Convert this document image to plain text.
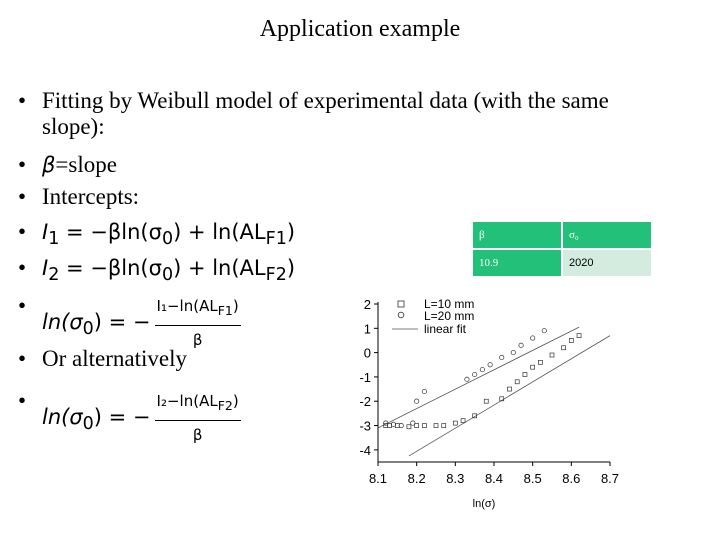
Application example
• Fitting by Weibull model of experimental data (with the same slope):
• β=slope
• Intercepts:
• $I_1 = -\beta\ln(\sigma_0) + \ln(AL_{F1})$
• $I_2 = -\beta\ln(\sigma_0) + \ln(AL_{F2})$
•
$\ln(\sigma_0)$ = − $\frac{I_1-\ln(AL_{F1})}{\beta}$
• Or alternatively
•
$\ln(\sigma_0)$ = − $\frac{I_2-\ln(AL_{F2})}{\beta}$
β	σ₀
10.9	2020
2
1
0
-1
-2
-3
-4
8.1 8.2 8.3 8.4 8.5 8.6 8.7
ln(σ)
L=10 mm
L=20 mm
linear fit
